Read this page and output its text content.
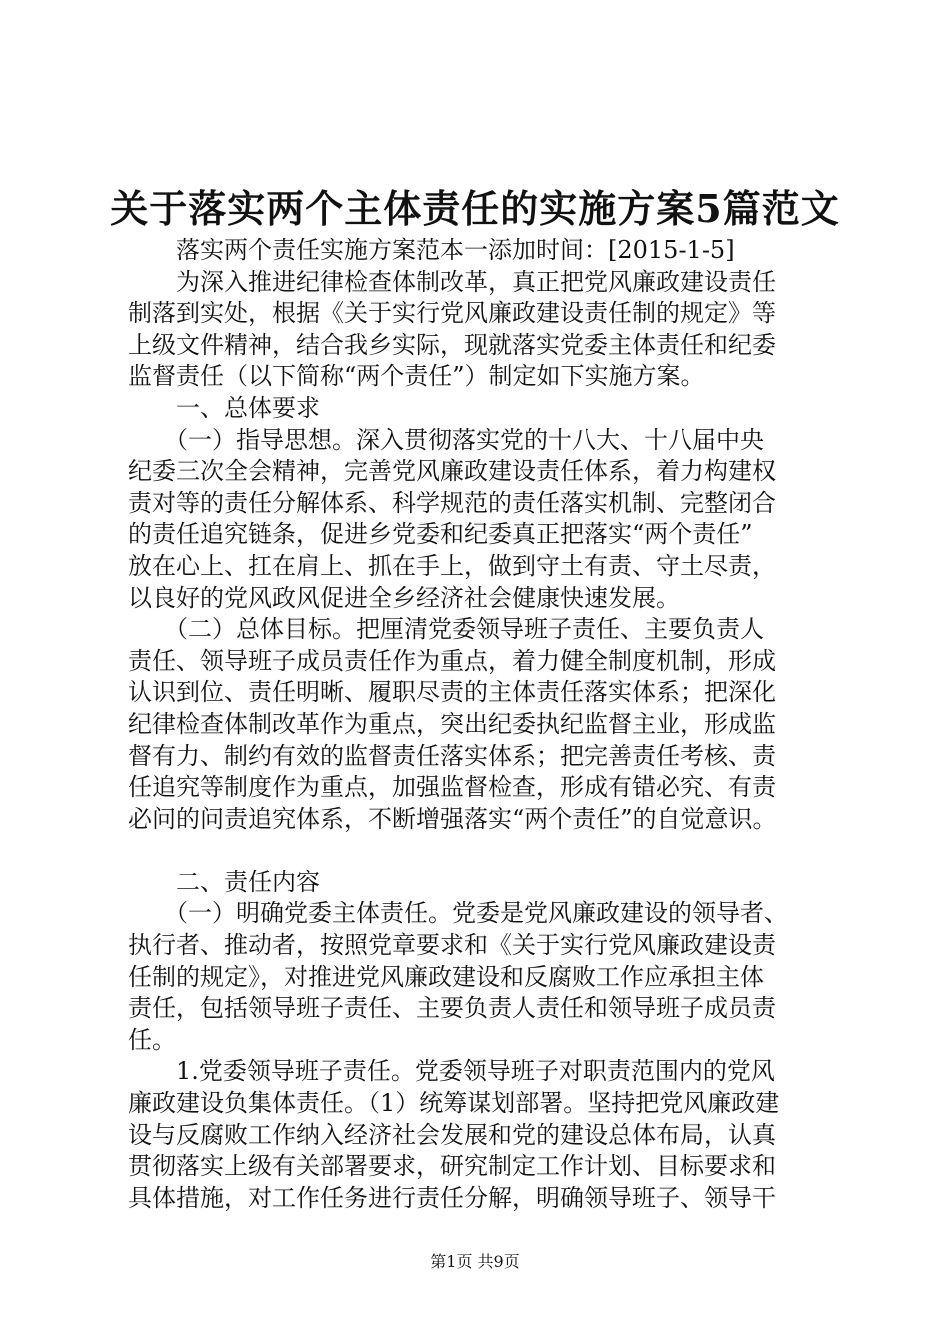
关于落实两个主体责任的实施方案5篇范文
　　落实两个责任实施方案范本一添加时间：[2015-1-5]
　　为深入推进纪律检查体制改革，真正把党风廉政建设责任
制落到实处，根据《关于实行党风廉政建设责任制的规定》等
上级文件精神，结合我乡实际，现就落实党委主体责任和纪委
监督责任（以下简称“两个责任”）制定如下实施方案。
　　一、总体要求
　　（一）指导思想。深入贯彻落实党的十八大、十八届中央
纪委三次全会精神，完善党风廉政建设责任体系，着力构建权
责对等的责任分解体系、科学规范的责任落实机制、完整闭合
的责任追究链条，促进乡党委和纪委真正把落实“两个责任”
放在心上、扛在肩上、抓在手上，做到守土有责、守土尽责，
以良好的党风政风促进全乡经济社会健康快速发展。
　　（二）总体目标。把厘清党委领导班子责任、主要负责人
责任、领导班子成员责任作为重点，着力健全制度机制，形成
认识到位、责任明晰、履职尽责的主体责任落实体系；把深化
纪律检查体制改革作为重点，突出纪委执纪监督主业，形成监
督有力、制约有效的监督责任落实体系；把完善责任考核、责
任追究等制度作为重点，加强监督检查，形成有错必究、有责
必问的问责追究体系，不断增强落实“两个责任”的自觉意识。
　　二、责任内容
　　（一）明确党委主体责任。党委是党风廉政建设的领导者、
执行者、推动者，按照党章要求和《关于实行党风廉政建设责
任制的规定》，对推进党风廉政建设和反腐败工作应承担主体
责任，包括领导班子责任、主要负责人责任和领导班子成员责
任。
　　1.党委领导班子责任。党委领导班子对职责范围内的党风
廉政建设负集体责任。（1）统筹谋划部署。坚持把党风廉政建
设与反腐败工作纳入经济社会发展和党的建设总体布局，认真
贯彻落实上级有关部署要求，研究制定工作计划、目标要求和
具体措施，对工作任务进行责任分解，明确领导班子、领导干
第1页 共9页
